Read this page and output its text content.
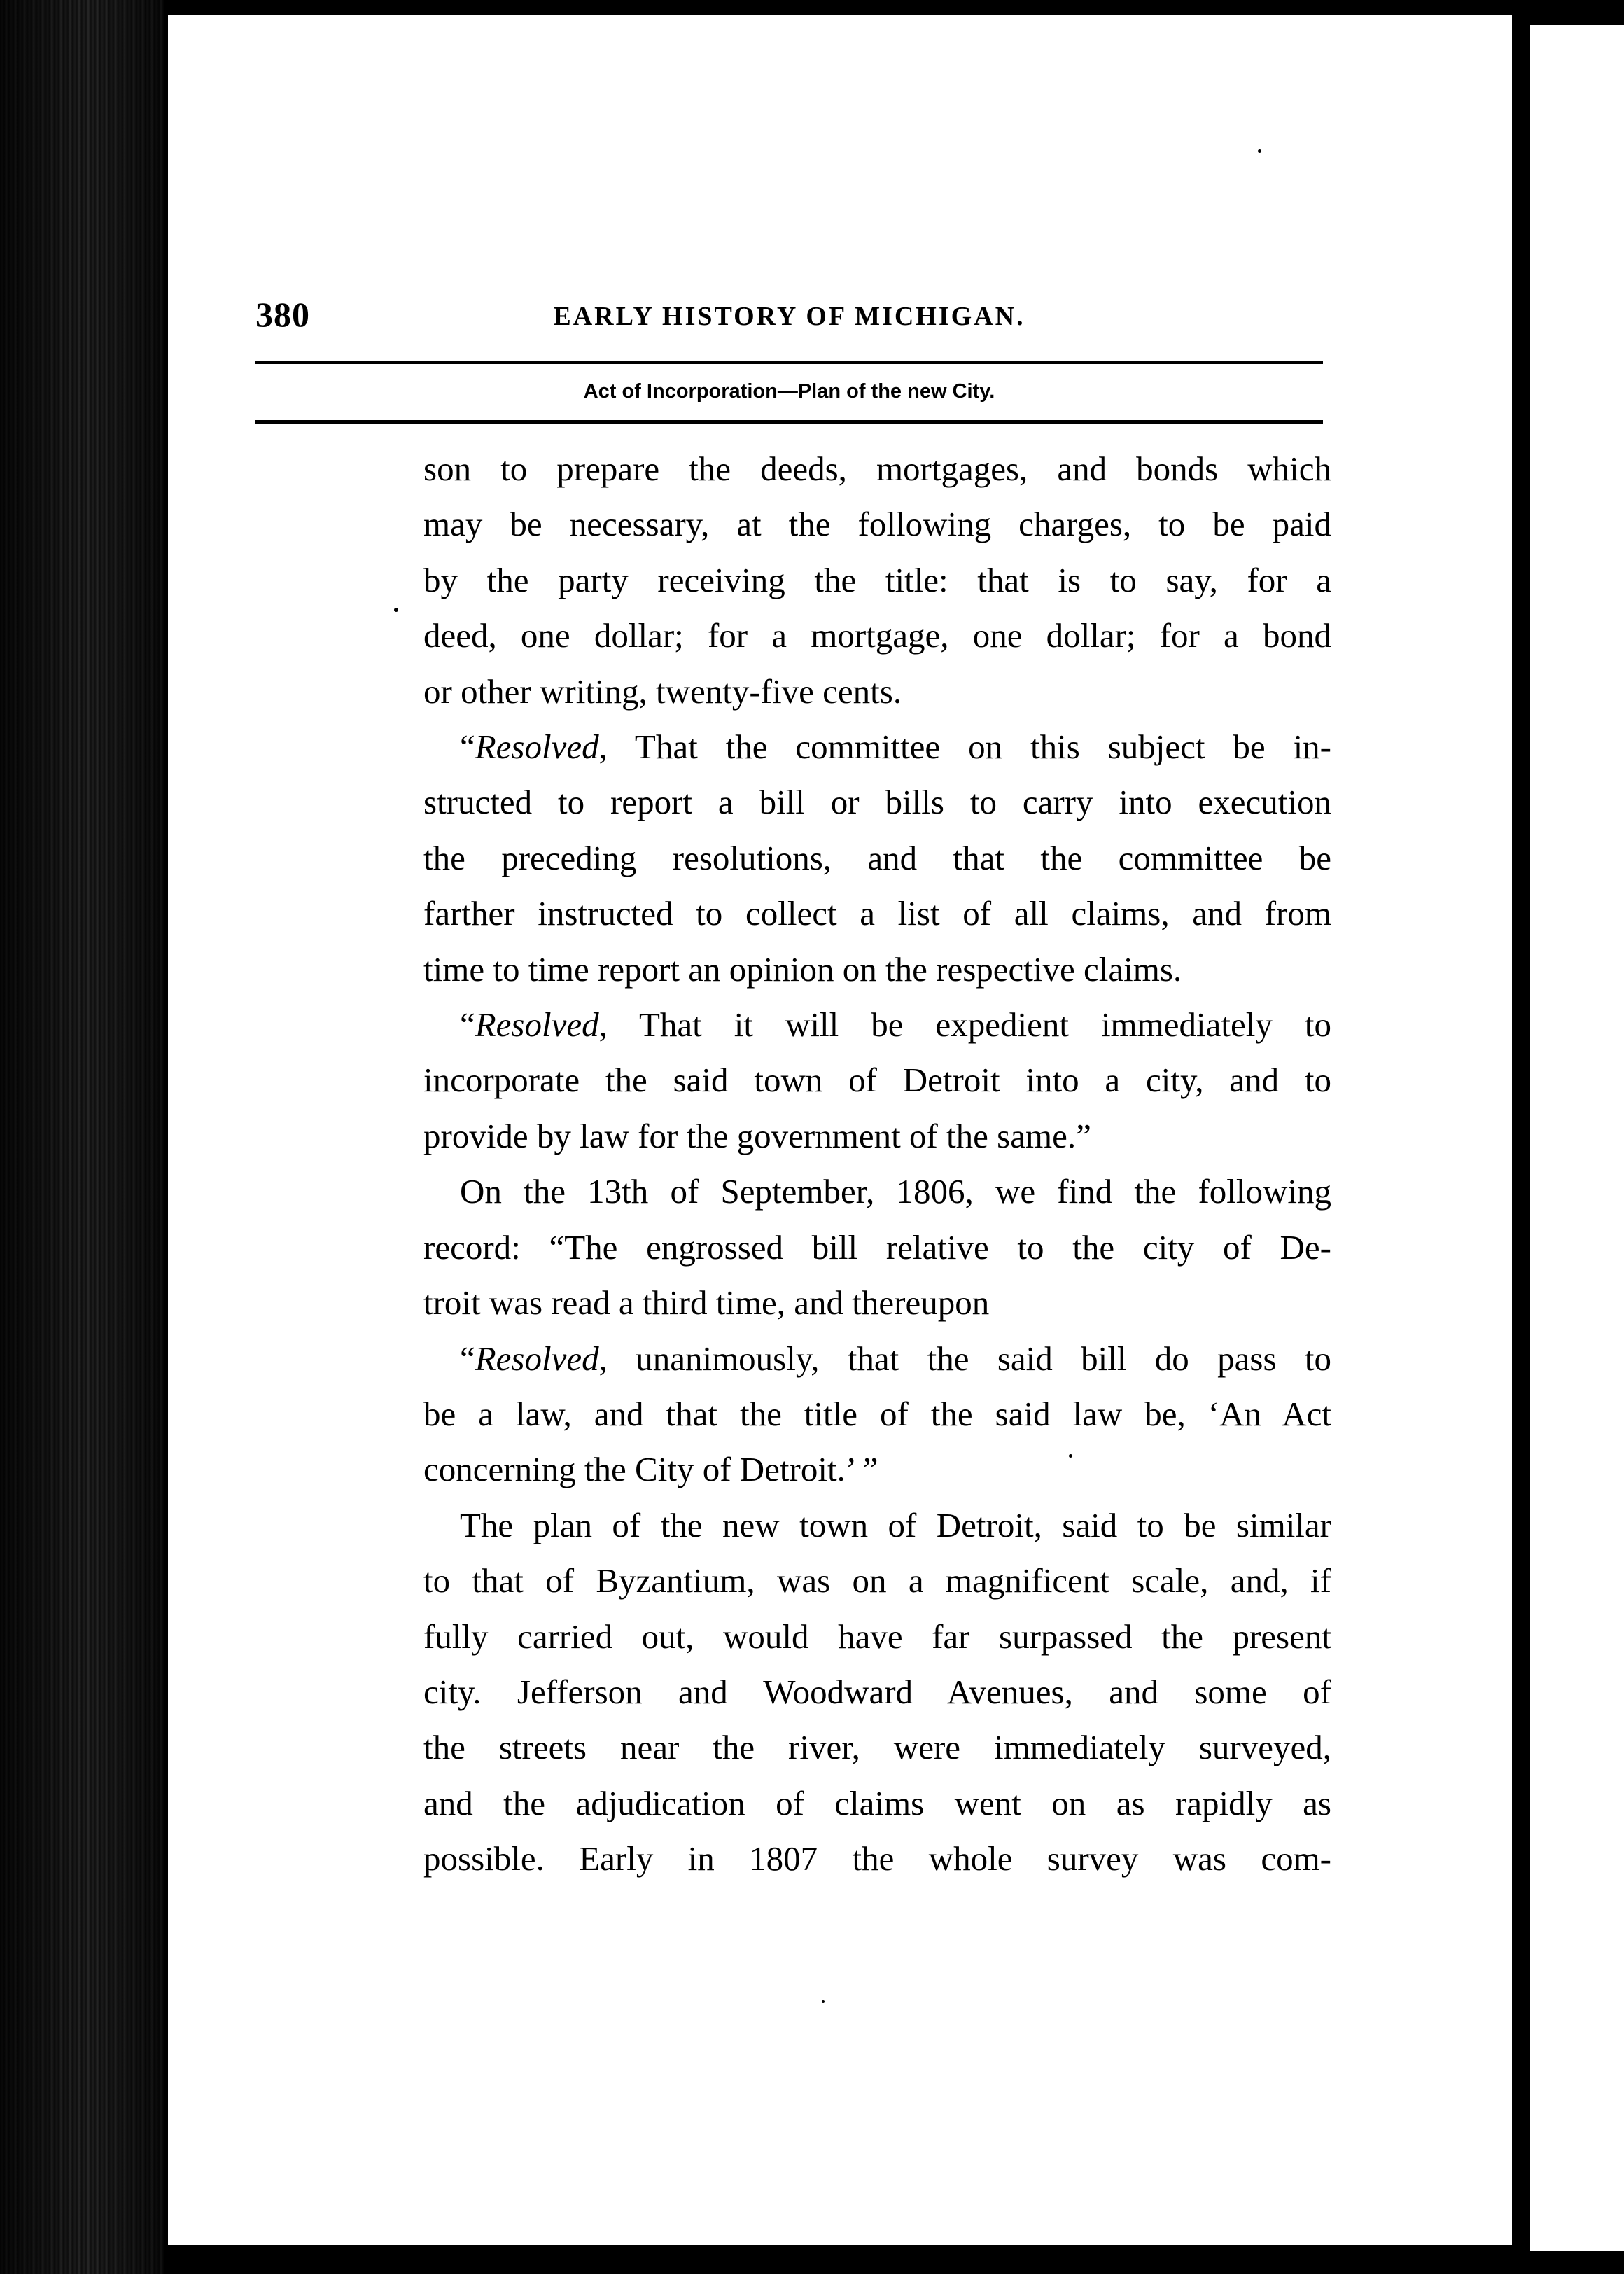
380	EARLY HISTORY OF MICHIGAN.
Act of Incorporation—Plan of the new City.
son to prepare the deeds, mortgages, and bonds which
may be necessary, at the following charges, to be paid
by the party receiving the title: that is to say, for a
deed, one dollar; for a mortgage, one dollar; for a bond
or other writing, twenty-five cents.
“Resolved, That the committee on this subject be in-
structed to report a bill or bills to carry into execution
the preceding resolutions, and that the committee be
farther instructed to collect a list of all claims, and from
time to time report an opinion on the respective claims.
“Resolved, That it will be expedient immediately to
incorporate the said town of Detroit into a city, and to
provide by law for the government of the same.”
On the 13th of September, 1806, we find the following
record: “The engrossed bill relative to the city of De-
troit was read a third time, and thereupon
“Resolved, unanimously, that the said bill do pass to
be a law, and that the title of the said law be, ‘An Act
concerning the City of Detroit.’ ”
The plan of the new town of Detroit, said to be similar
to that of Byzantium, was on a magnificent scale, and, if
fully carried out, would have far surpassed the present
city. Jefferson and Woodward Avenues, and some of
the streets near the river, were immediately surveyed,
and the adjudication of claims went on as rapidly as
possible. Early in 1807 the whole survey was com-
